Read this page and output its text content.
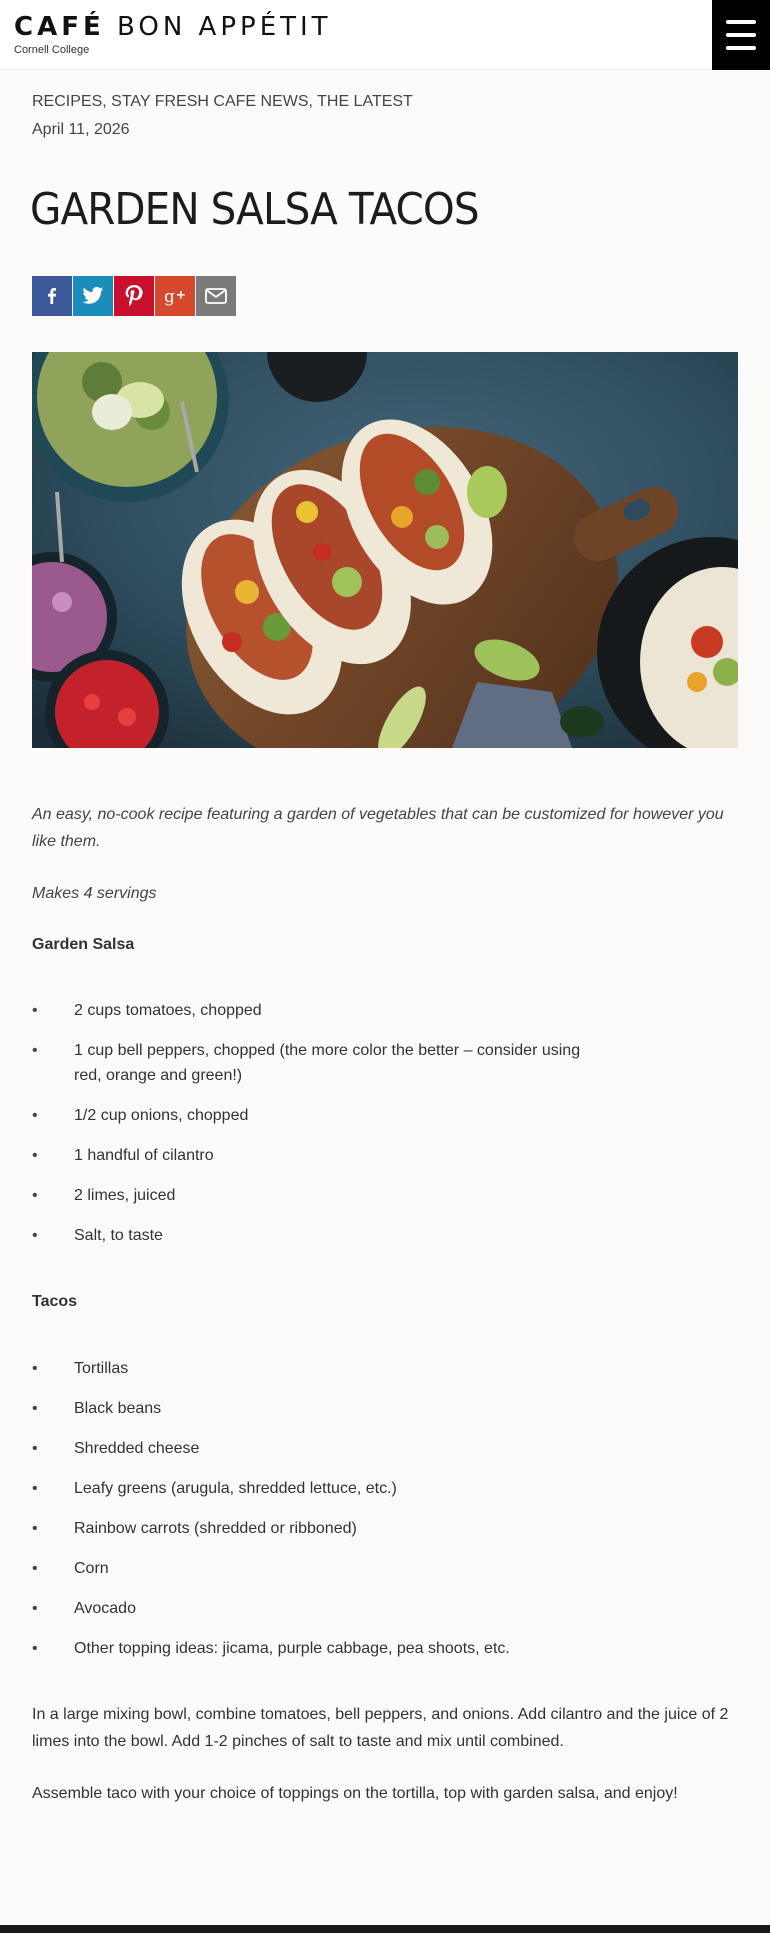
CAFÉ BON APPÉTIT
Cornell College
RECIPES, STAY FRESH CAFE NEWS, THE LATEST
April 11, 2026
GARDEN SALSA TACOS
g

An easy, no-cook recipe featuring a garden of vegetables that can be customized for however you like them.

Makes 4 servings

Garden Salsa

• 2 cups tomatoes, chopped
• 1 cup bell peppers, chopped (the more color the better – consider using red, orange and green!)
• 1/2 cup onions, chopped
• 1 handful of cilantro
• 2 limes, juiced
• Salt, to taste

Tacos

• Tortillas
• Black beans
• Shredded cheese
• Leafy greens (arugula, shredded lettuce, etc.)
• Rainbow carrots (shredded or ribboned)
• Corn
• Avocado
• Other topping ideas: jicama, purple cabbage, pea shoots, etc.

In a large mixing bowl, combine tomatoes, bell peppers, and onions. Add cilantro and the juice of 2 limes into the bowl. Add 1-2 pinches of salt to taste and mix until combined.

Assemble taco with your choice of toppings on the tortilla, top with garden salsa, and enjoy!
